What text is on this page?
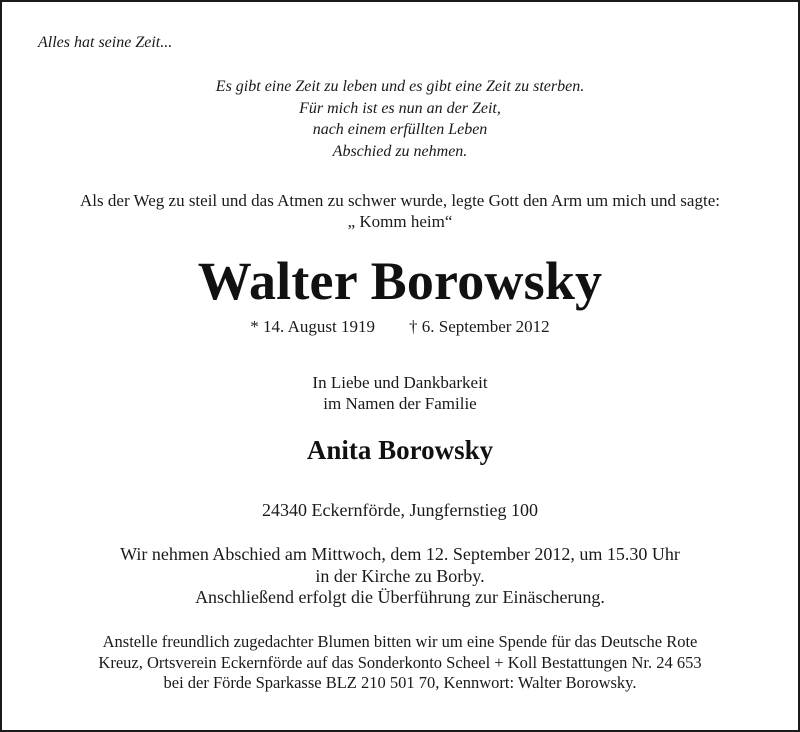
Alles hat seine Zeit...
Es gibt eine Zeit zu leben und es gibt eine Zeit zu sterben.
Für mich ist es nun an der Zeit,
nach einem erfüllten Leben
Abschied zu nehmen.
Als der Weg zu steil und das Atmen zu schwer wurde, legte Gott den Arm um mich und sagte:
„ Komm heim“
Walter Borowsky
* 14. August 1919 † 6. September 2012
In Liebe und Dankbarkeit
im Namen der Familie
Anita Borowsky
24340 Eckernförde, Jungfernstieg 100
Wir nehmen Abschied am Mittwoch, dem 12. September 2012, um 15.30 Uhr
in der Kirche zu Borby.
Anschließend erfolgt die Überführung zur Einäscherung.
Anstelle freundlich zugedachter Blumen bitten wir um eine Spende für das Deutsche Rote
Kreuz, Ortsverein Eckernförde auf das Sonderkonto Scheel + Koll Bestattungen Nr. 24 653
bei der Förde Sparkasse BLZ 210 501 70, Kennwort: Walter Borowsky.
